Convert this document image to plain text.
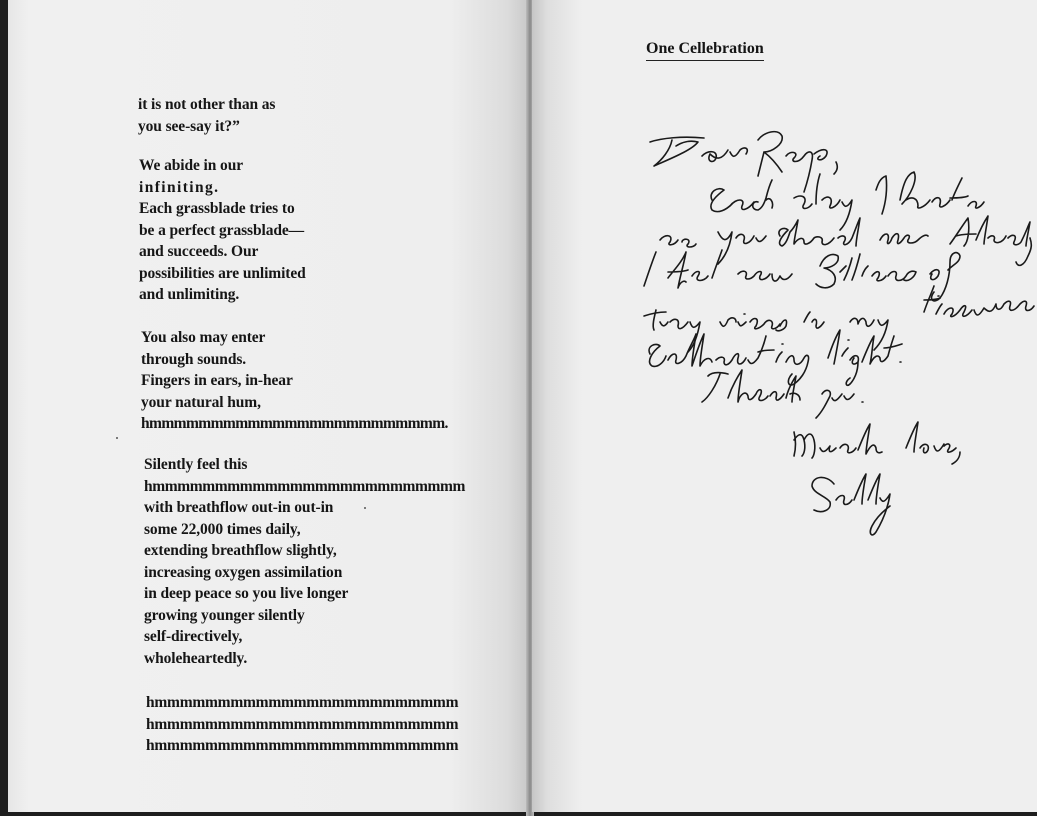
it is not other than as
you see-say it?”

We abide in our
infiniting.
Each grassblade tries to
be a perfect grassblade—
and succeeds. Our
possibilities are unlimited
and unlimiting.

You also may enter
through sounds.
Fingers in ears, in-hear
your natural hum,
hmmmmmmmmmmmmmmmmmmmmmmmm.

Silently feel this
hmmmmmmmmmmmmmmmmmmmmmmmmm
with breathflow out-in out-in
some 22,000 times daily,
extending breathflow slightly,
increasing oxygen assimilation
in deep peace so you live longer
growing younger silently
self-directively,
wholeheartedly.

hmmmmmmmmmmmmmmmmmmmmmmmm
hmmmmmmmmmmmmmmmmmmmmmmmm
hmmmmmmmmmmmmmmmmmmmmmmmm

One Cellebration
